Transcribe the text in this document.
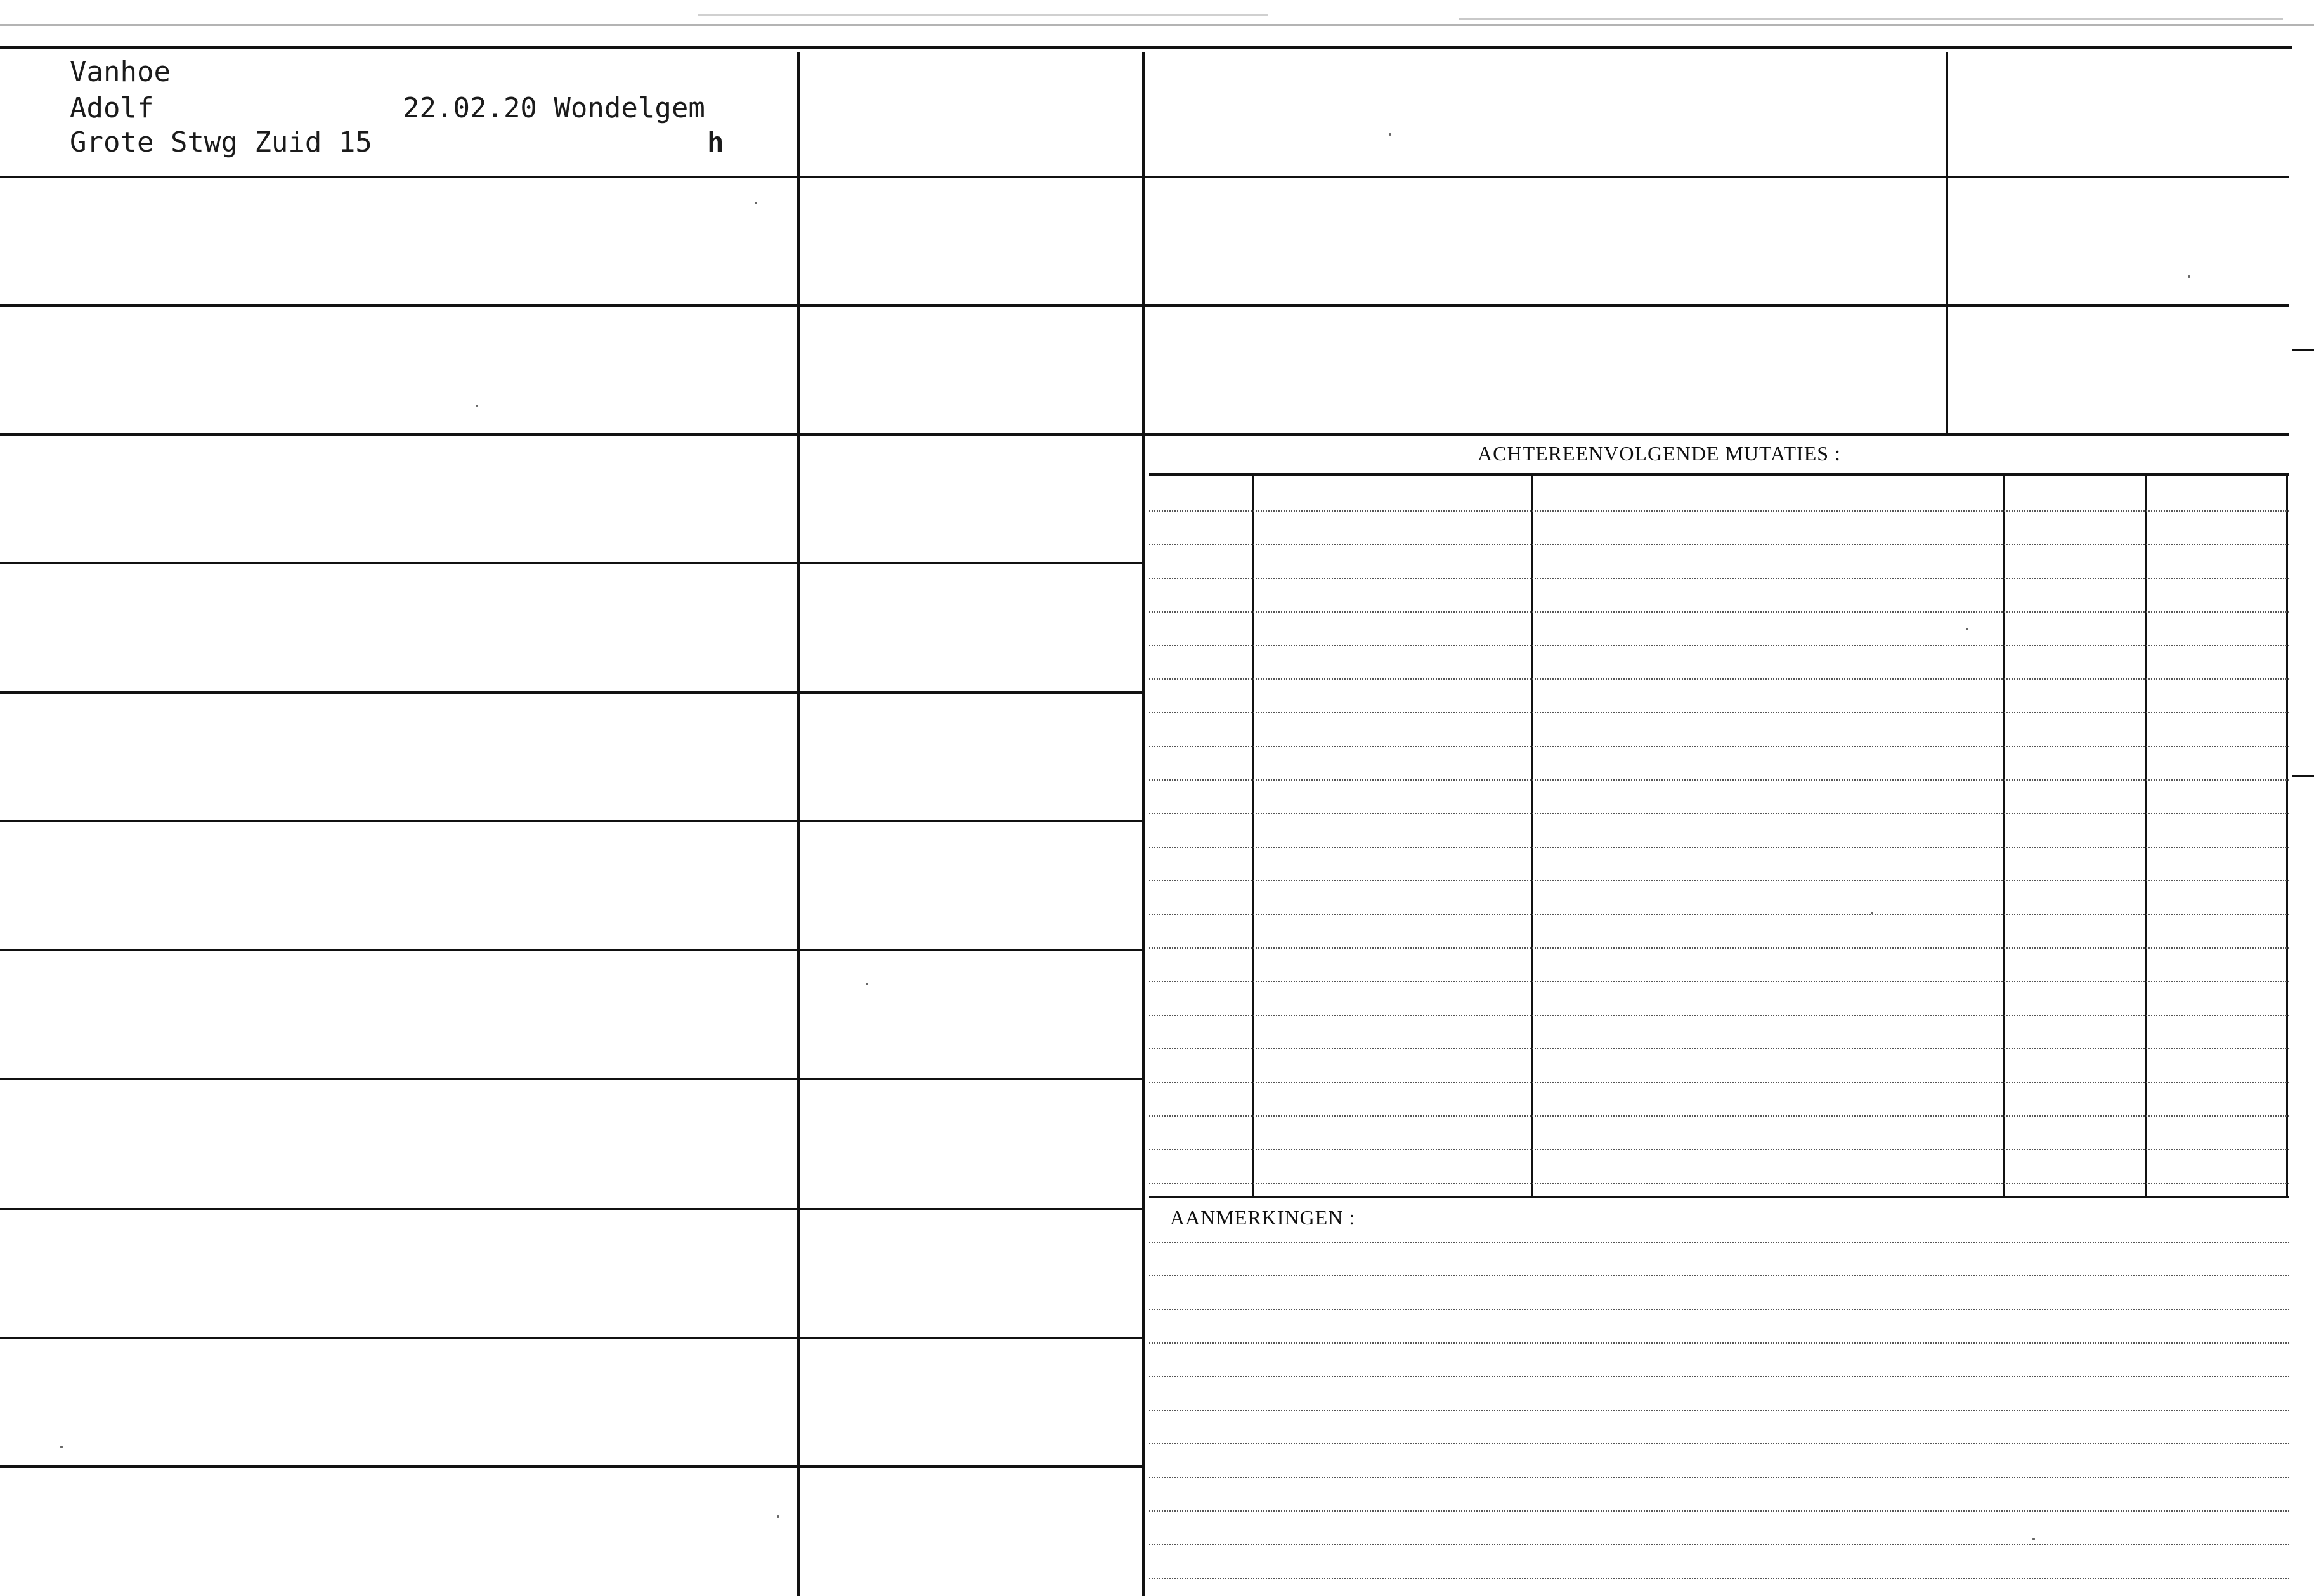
Vanhoe
Adolf	22.02.20 Wondelgem
Grote Stwg Zuid 15	h
ACHTEREENVOLGENDE MUTATIES :
AANMERKINGEN :
